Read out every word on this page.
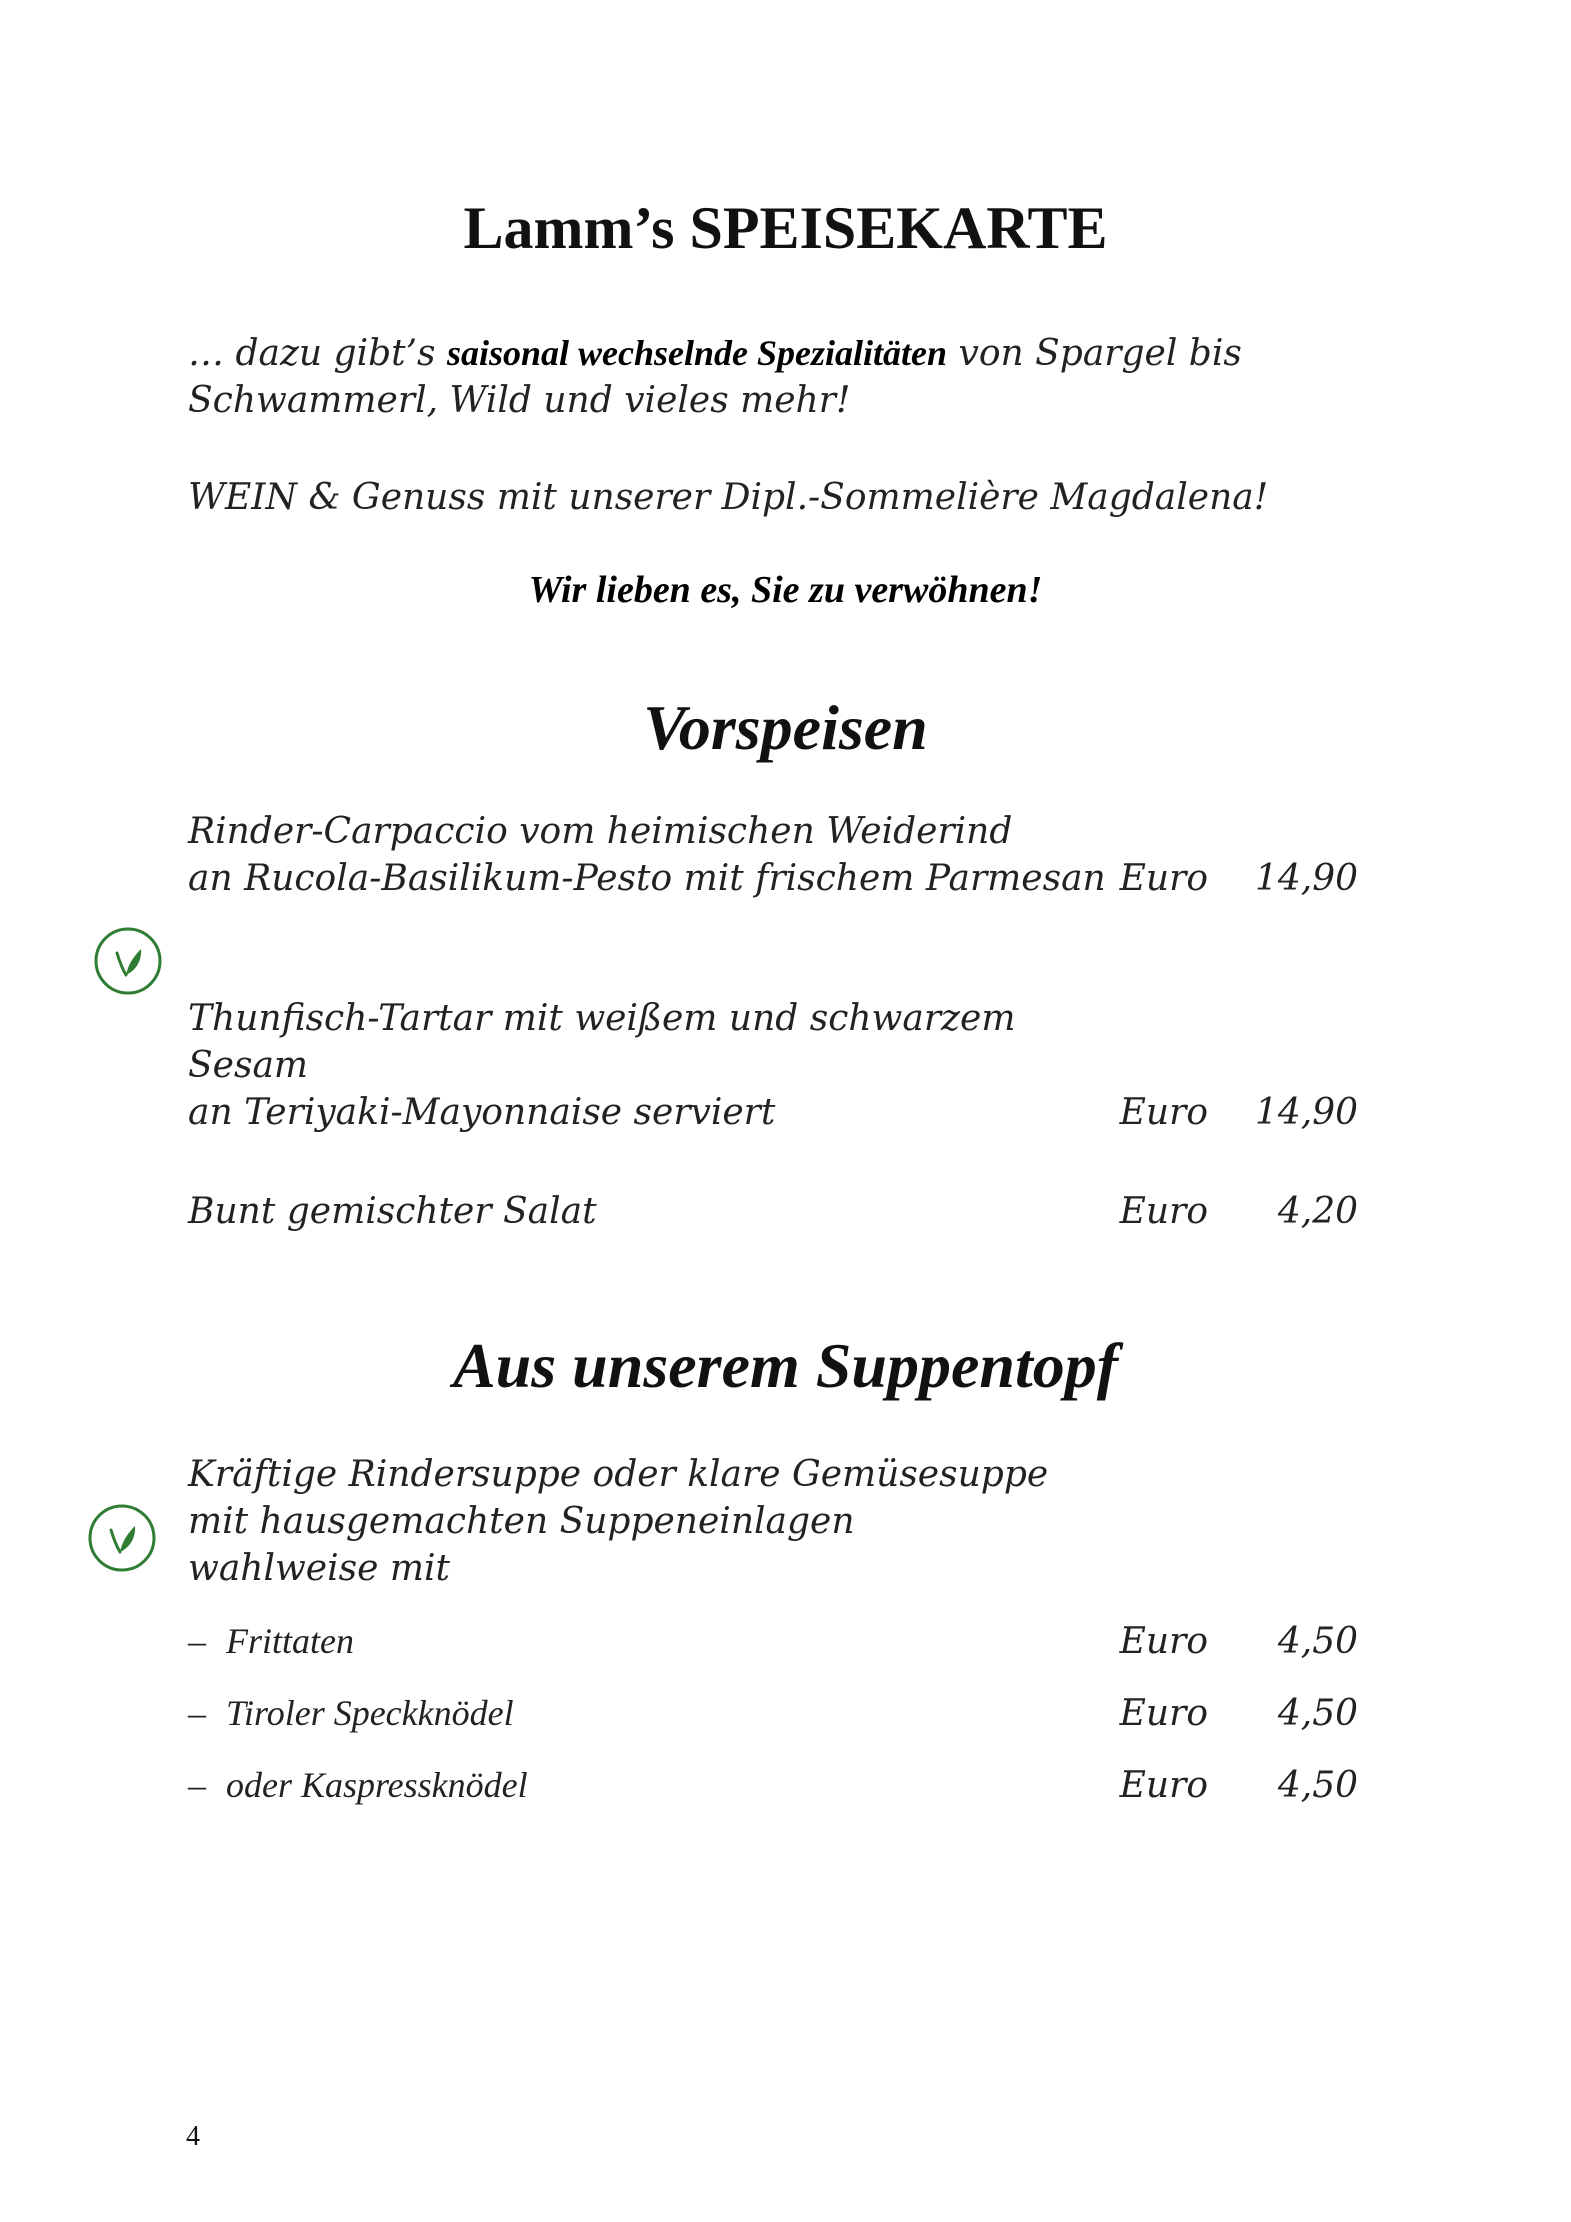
Lamm’s SPEISEKARTE

… dazu gibt’s saisonal wechselnde Spezialitäten von Spargel bis Schwammerl, Wild und vieles mehr!

WEIN & Genuss mit unserer Dipl.-Sommelière Magdalena!

Wir lieben es, Sie zu verwöhnen!

Vorspeisen
Rinder-Carpaccio vom heimischen Weiderind
an Rucola-Basilikum-Pesto mit frischem Parmesan Euro	14,90
Thunfisch-Tartar mit weißem und schwarzem Sesam
an Teriyaki-Mayonnaise serviert	Euro	14,90
Bunt gemischter Salat	Euro	4,20
Aus unserem Suppentopf
Kräftige Rindersuppe oder klare Gemüsesuppe
mit hausgemachten Suppeneinlagen
wahlweise mit
– Frittaten	Euro	4,50
– Tiroler Speckknödel	Euro	4,50
– oder Kaspressknödel	Euro	4,50
4
